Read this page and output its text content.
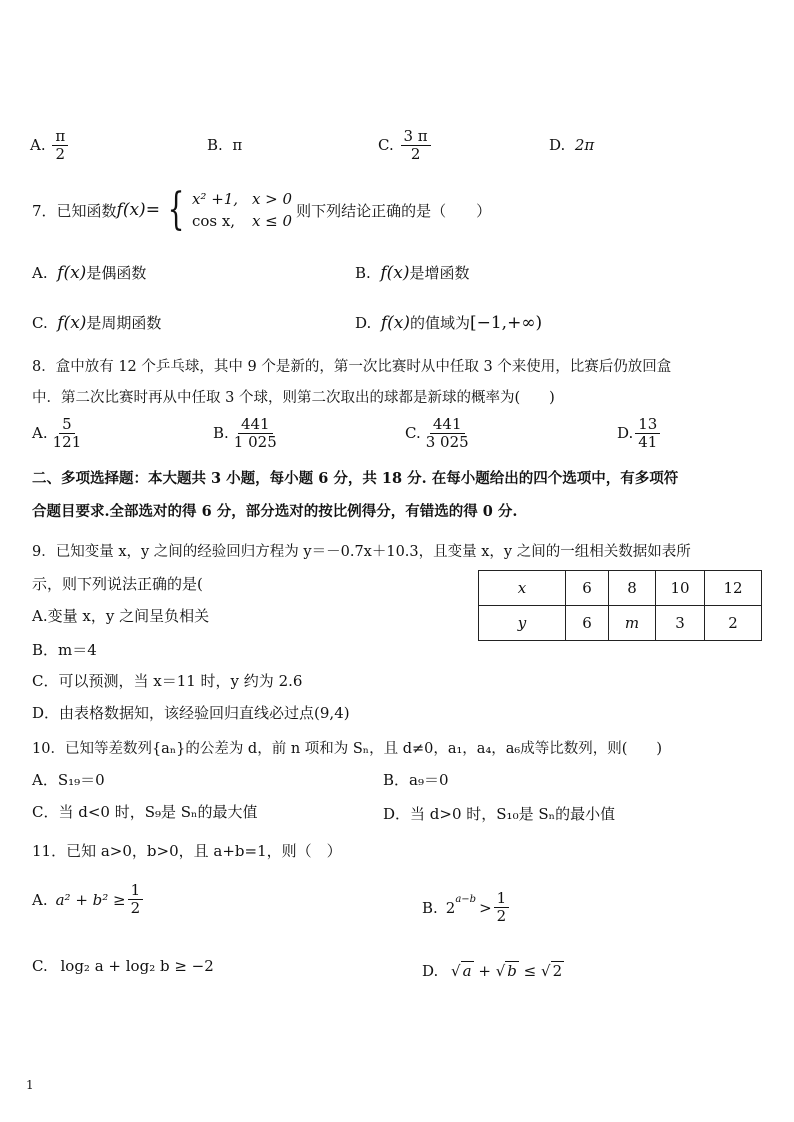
A. $\frac{\pi}{2}$	B. π	C. $\frac{3 \pi}{2}$	D. 2π
7．已知函数 f(x) = { x² +1, x > 0
cos x, x ≤ 0
则下列结论正确的是（　　）
A. f(x)是偶函数	B. f(x)是增函数
C. f(x)是周期函数	D. f(x)的值域为[−1,+∞)
8．盒中放有 12 个乒乓球，其中 9 个是新的，第一次比赛时从中任取 3 个来使用，比赛后仍放回盒
中．第二次比赛时再从中任取 3 个球，则第二次取出的球都是新球的概率为(　　)
A. $\frac{5}{121}$	B. $\frac{441}{1 025}$	C. $\frac{441}{3 025}$	D. $\frac{13}{41}$
二、多项选择题：本大题共 3 小题，每小题 6 分，共 18 分. 在每小题给出的四个选项中，有多项符
合题目要求.全部选对的得 6 分，部分选对的按比例得分，有错选的得 0 分.
9．已知变量 x，y 之间的经验回归方程为 y＝－0.7x＋10.3，且变量 x，y 之间的一组相关数据如表所
示，则下列说法正确的是(
A.变量 x，y 之间呈负相关
B．m＝4
C．可以预测，当 x＝11 时，y 约为 2.6
D．由表格数据知，该经验回归直线必过点(9,4)
x	6	8	10	12
y	6	m	3	2
10．已知等差数列{aₙ}的公差为 d，前 n 项和为 Sₙ，且 d≠0，a₁，a₄，a₆成等比数列，则(　　)
A．S₁₉＝0	B．a₉＝0
C．当 d<0 时，S₉是 Sₙ的最大值	D．当 d>0 时，S₁₀是 Sₙ的最小值
11．已知 a>0，b>0，且 a+b=1，则（　）
A. $a^2 + b^2 \ge \frac{1}{2}$	B. $2^{a-b} > \frac{1}{2}$
C. log₂ a + log₂ b ≥ −2	D. √ a + √ b ≤ √ 2
1
